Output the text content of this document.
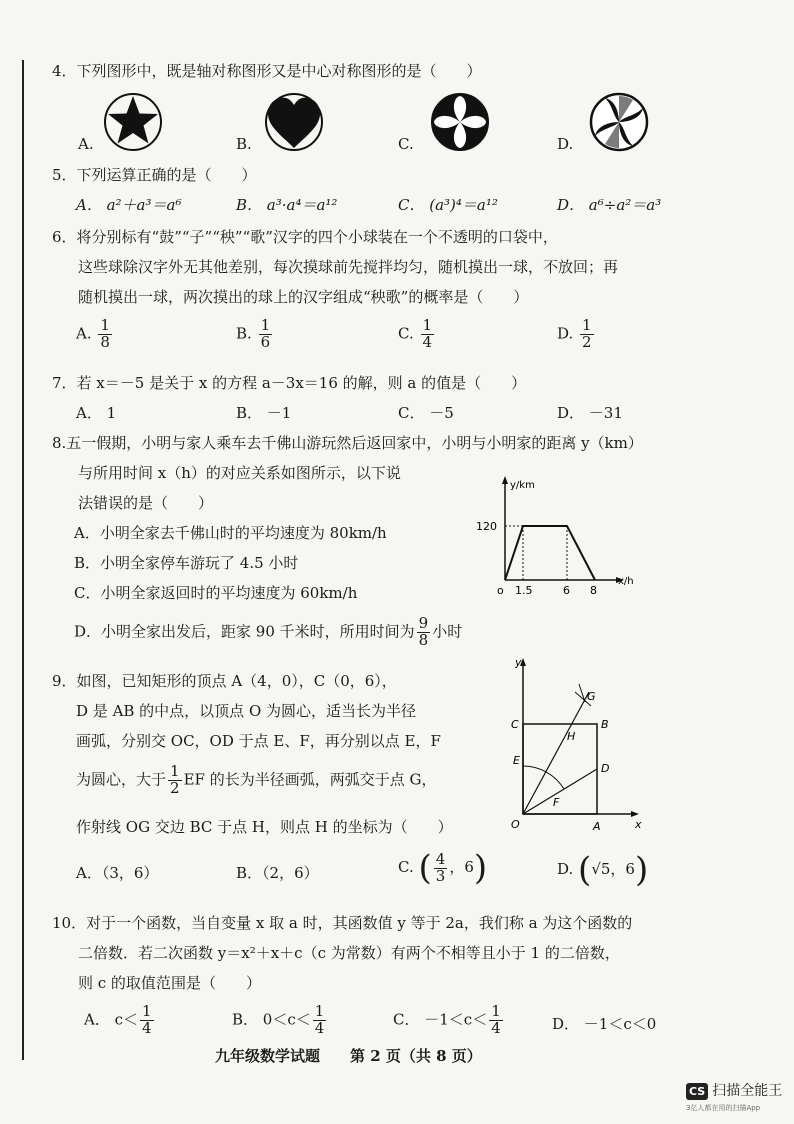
4．下列图形中，既是轴对称图形又是中心对称图形的是（　　）
A.	B.	C.	D.
5．下列运算正确的是（　　）
A． a²＋a³＝a⁶	B． a³·a⁴＝a¹²	C． (a³)⁴＝a¹²	D． a⁶÷a²＝a³
6．将分别标有“鼓”“子”“秧”“歌”汉字的四个小球装在一个不透明的口袋中，
这些球除汉字外无其他差别，每次摸球前先搅拌均匀，随机摸出一球，不放回；再
随机摸出一球，两次摸出的球上的汉字组成“秧歌”的概率是（　　）
A. $\frac{1}{8}$	B. $\frac{1}{6}$	C. $\frac{1}{4}$	D. $\frac{1}{2}$
7．若 x＝－5 是关于 x 的方程 a－3x＝16 的解，则 a 的值是（　　）
A． 1	B． －1	C． －5	D． －31
8.五一假期，小明与家人乘车去千佛山游玩然后返回家中，小明与小明家的距离 y（km）
与所用时间 x（h）的对应关系如图所示，以下说
法错误的是（　　）
A．小明全家去千佛山时的平均速度为 80km/h
B．小明全家停车游玩了 4.5 小时
C．小明全家返回时的平均速度为 60km/h
D．小明全家出发后，距家 90 千米时，所用时间为 $\frac{9}{8}$ 小时
y/km
x/h
120
o 1.5	6 8
9．如图，已知矩形的顶点 A（4，0），C（0，6），
D 是 AB 的中点，以顶点 O 为圆心，适当长为半径
画弧，分别交 OC，OD 于点 E、F，再分别以点 E，F
为圆心，大于 $\frac{1}{2}$ EF 的长为半径画弧，两弧交于点 G，
作射线 OG 交边 BC 于点 H，则点 H 的坐标为（　　）
A．（3，6）	B．（2，6）	C. ( $\frac{4}{3}$ ，6)	D. (√5，6)
y
x
O	A
B
C
D
E
F
G
H
10．对于一个函数，当自变量 x 取 a 时，其函数值 y 等于 2a，我们称 a 为这个函数的
二倍数．若二次函数 y＝x²＋x＋c（c 为常数）有两个不相等且小于 1 的二倍数，
则 c 的取值范围是（　　）
A． $c< \frac{1}{4}$	B． $0<c< \frac{1}{4}$	C． $-1<c< \frac{1}{4}$	D． －1＜c＜0
九年级数学试题　　第 2 页（共 8 页）
CS 扫描全能王
3亿人都在用的扫描App
